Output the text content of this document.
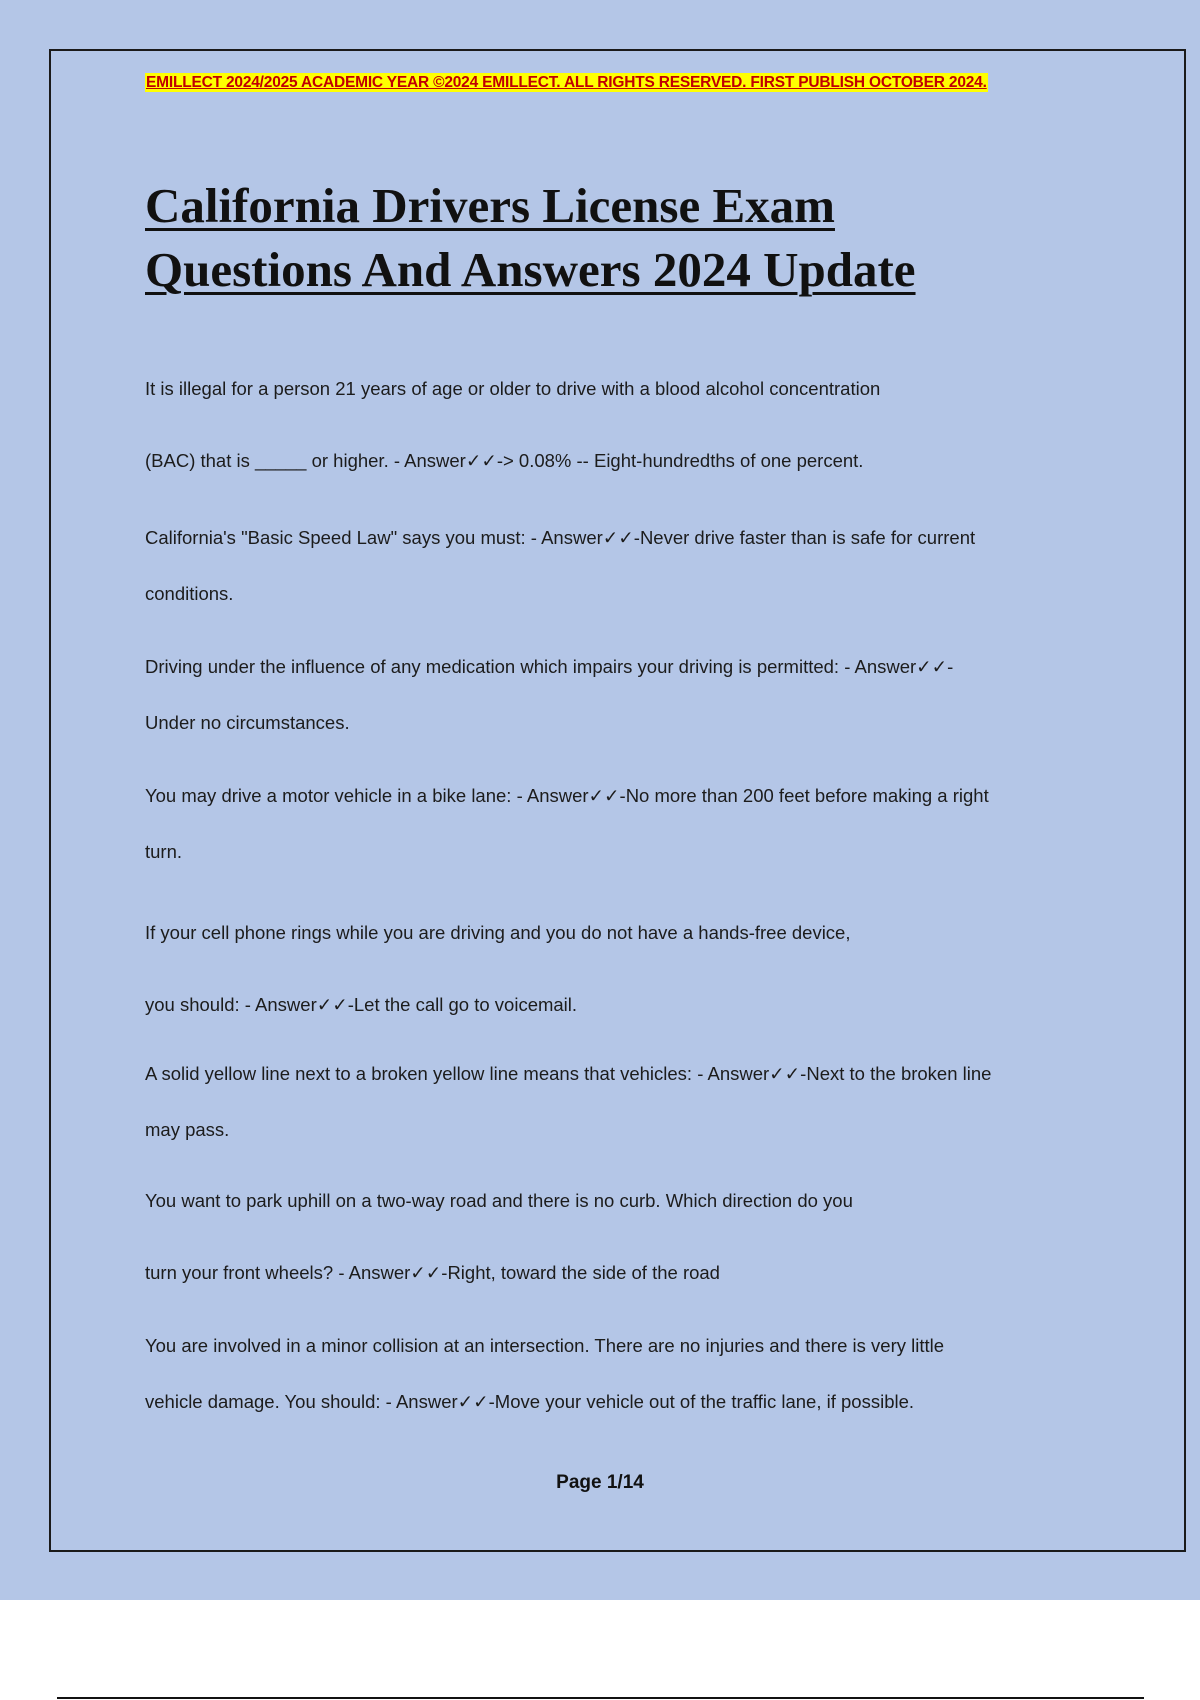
EMILLECT 2024/2025 ACADEMIC YEAR ©2024 EMILLECT. ALL RIGHTS RESERVED. FIRST PUBLISH OCTOBER 2024.
California Drivers License Exam
Questions And Answers 2024 Update
It is illegal for a person 21 years of age or older to drive with a blood alcohol concentration
(BAC) that is _____ or higher. - Answer✓✓-> 0.08% -- Eight-hundredths of one percent.
California's "Basic Speed Law" says you must: - Answer✓✓-Never drive faster than is safe for current
conditions.
Driving under the influence of any medication which impairs your driving is permitted: - Answer✓✓-
Under no circumstances.
You may drive a motor vehicle in a bike lane: - Answer✓✓-No more than 200 feet before making a right
turn.
If your cell phone rings while you are driving and you do not have a hands-free device,
you should: - Answer✓✓-Let the call go to voicemail.
A solid yellow line next to a broken yellow line means that vehicles: - Answer✓✓-Next to the broken line
may pass.
You want to park uphill on a two-way road and there is no curb. Which direction do you
turn your front wheels? - Answer✓✓-Right, toward the side of the road
You are involved in a minor collision at an intersection. There are no injuries and there is very little
vehicle damage. You should: - Answer✓✓-Move your vehicle out of the traffic lane, if possible.
Page 1/14
